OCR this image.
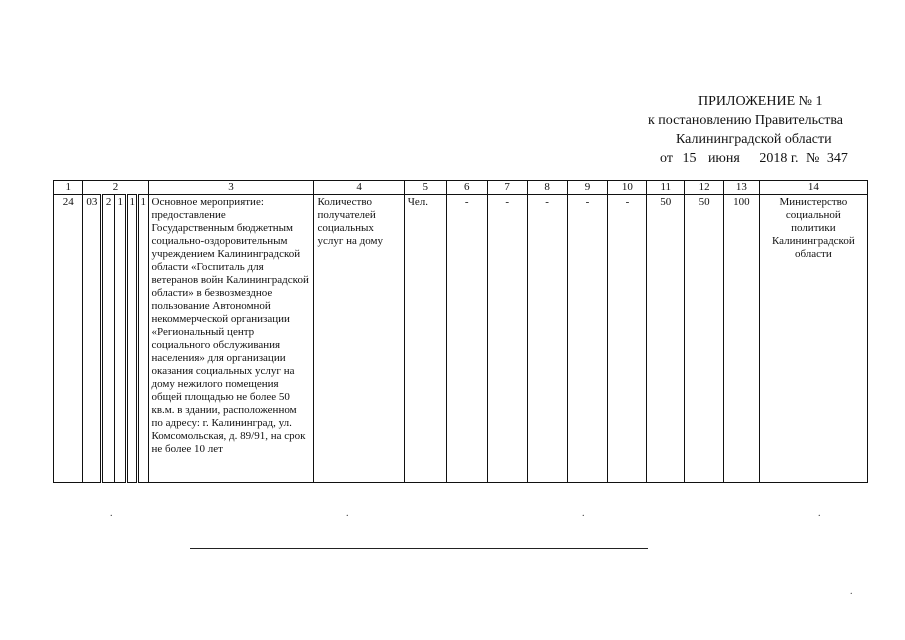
ПРИЛОЖЕНИЕ № 1
к постановлению Правительства
Калининградской области
от 15 июня 2018 г. № 347
1	2					3	4	5	6	7	8	9	10	11	12	13	14
24	03	2	1	1	1	Основное мероприятие: предоставление Государственным бюджетным социально-оздоровительным учреждением Калининградской области «Госпиталь для ветеранов войн Калининградской области» в безвозмездное пользование Автономной некоммерческой организации «Региональный центр социального обслуживания населения» для организации оказания социальных услуг на дому нежилого помещения общей площадью не более 50 кв.м. в здании, расположенном по адресу: г. Калининград, ул. Комсомольская, д. 89/91, на срок не более 10 лет	Количество получателей социальных услуг на дому	Чел.	-	-	-	-	-	50	50	100	Министерство социальной политики Калининградской области
.	.	.	.
.
